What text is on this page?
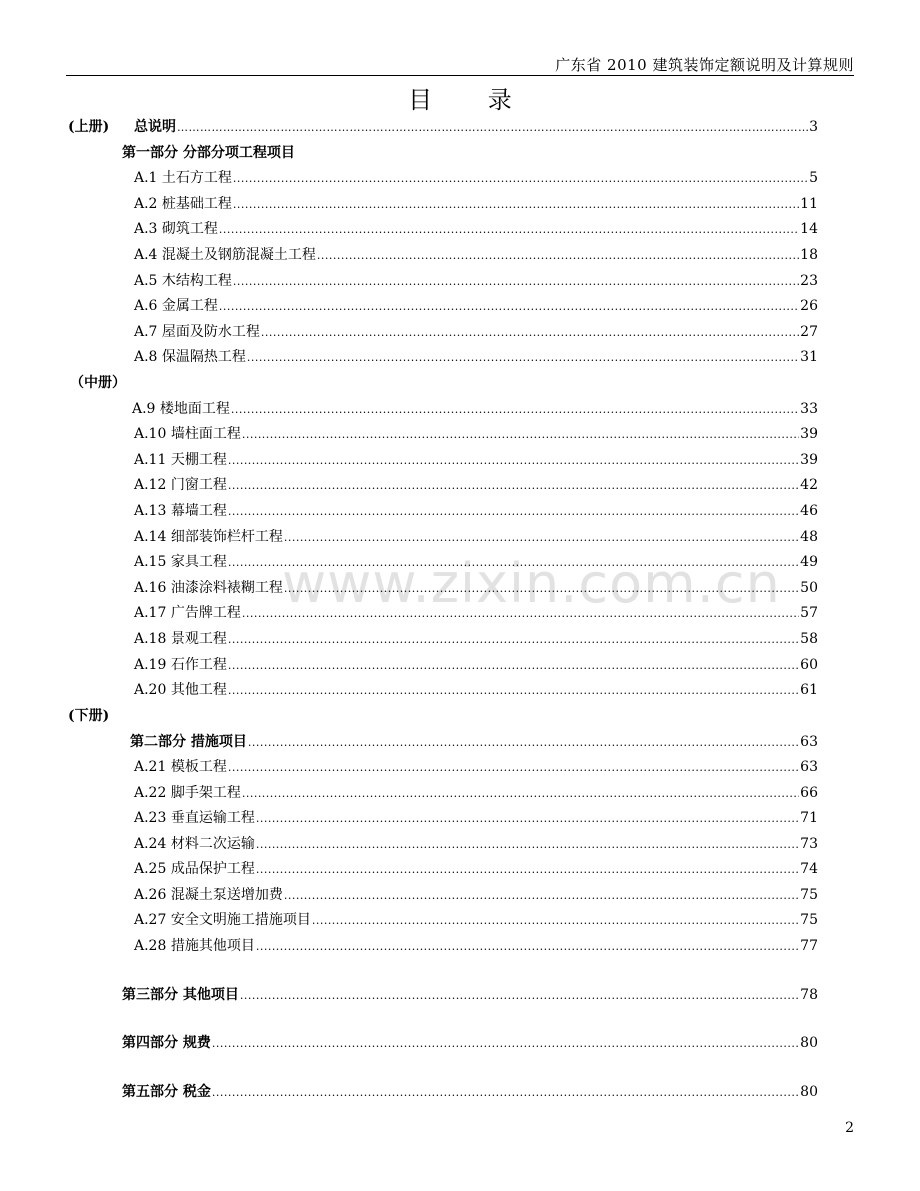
广东省 2010 建筑装饰定额说明及计算规则
目 录
www.zixin.com.cn
(上册)	总说明 ……………………………………………………………………………………………………………………………………………………………	3
第一部分 分部分项工程项目
A.1 土石方工程 .....	5
A.2 桩基础工程 .....	11
A.3 砌筑工程 .....	14
A.4 混凝土及钢筋混凝土工程 .....	18
A.5 木结构工程 .....	23
A.6 金属工程 .....	26
A.7 屋面及防水工程 .....	27
A.8 保温隔热工程 .....	31
（中册）
A.9 楼地面工程 .....	33
A.10 墙柱面工程 .....	39
A.11 天棚工程 .....	39
A.12 门窗工程 .....	42
A.13 幕墙工程 .....	46
A.14 细部装饰栏杆工程 .....	48
A.15 家具工程 .....	49
A.16 油漆涂料裱糊工程 .....	50
A.17 广告牌工程 .....	57
A.18 景观工程 .....	58
A.19 石作工程 .....	60
A.20 其他工程 .....	61
(下册)
第二部分 措施项目 .....	63
A.21 模板工程 .....	63
A.22 脚手架工程 .....	66
A.23 垂直运输工程 .....	71
A.24 材料二次运输 .....	73
A.25 成品保护工程 .....	74
A.26 混凝土泵送增加费 .....	75
A.27 安全文明施工措施项目 .....	75
A.28 措施其他项目 .....	77
第三部分 其他项目 .....	78
第四部分 规费 .....	80
第五部分 税金 .....	80
2
